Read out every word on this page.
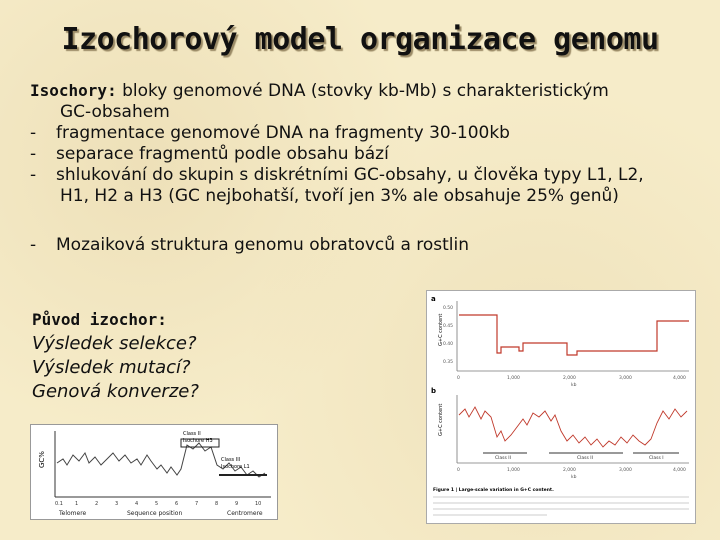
Izochorový model organizace genomu

Isochory: bloky genomové DNA (stovky kb-Mb) s charakteristickým

GC-obsahem

- fragmentace genomové DNA na fragmenty 30-100kb

- separace fragmentů podle obsahu bází

- shlukování do skupin s diskrétními GC-obsahy, u člověka typy L1, L2,

H1, H2 a H3 (GC nejbohatší, tvoří jen 3% ale obsahuje 25% genů)

- Mozaiková struktura genomu obratovců a rostlin

Původ izochor:
Výsledek selekce?
Výsledek mutací?
Genová konverze?
GC%
Class II
Isochore H3
Class III
Isochore L1
0.1 1	2	3	4	5	6	7	8	9	10
Telomere	Sequence position	Centromere
a
b
G+C content
0.50
0.45
0.40
0.35
0	1,000	2,000	3,000	4,000
kb
G+C content
Class II	Class II	Class I
0	1,000	2,000	3,000	4,000
kb
Figure 1 | Large-scale variation in G+C content.
